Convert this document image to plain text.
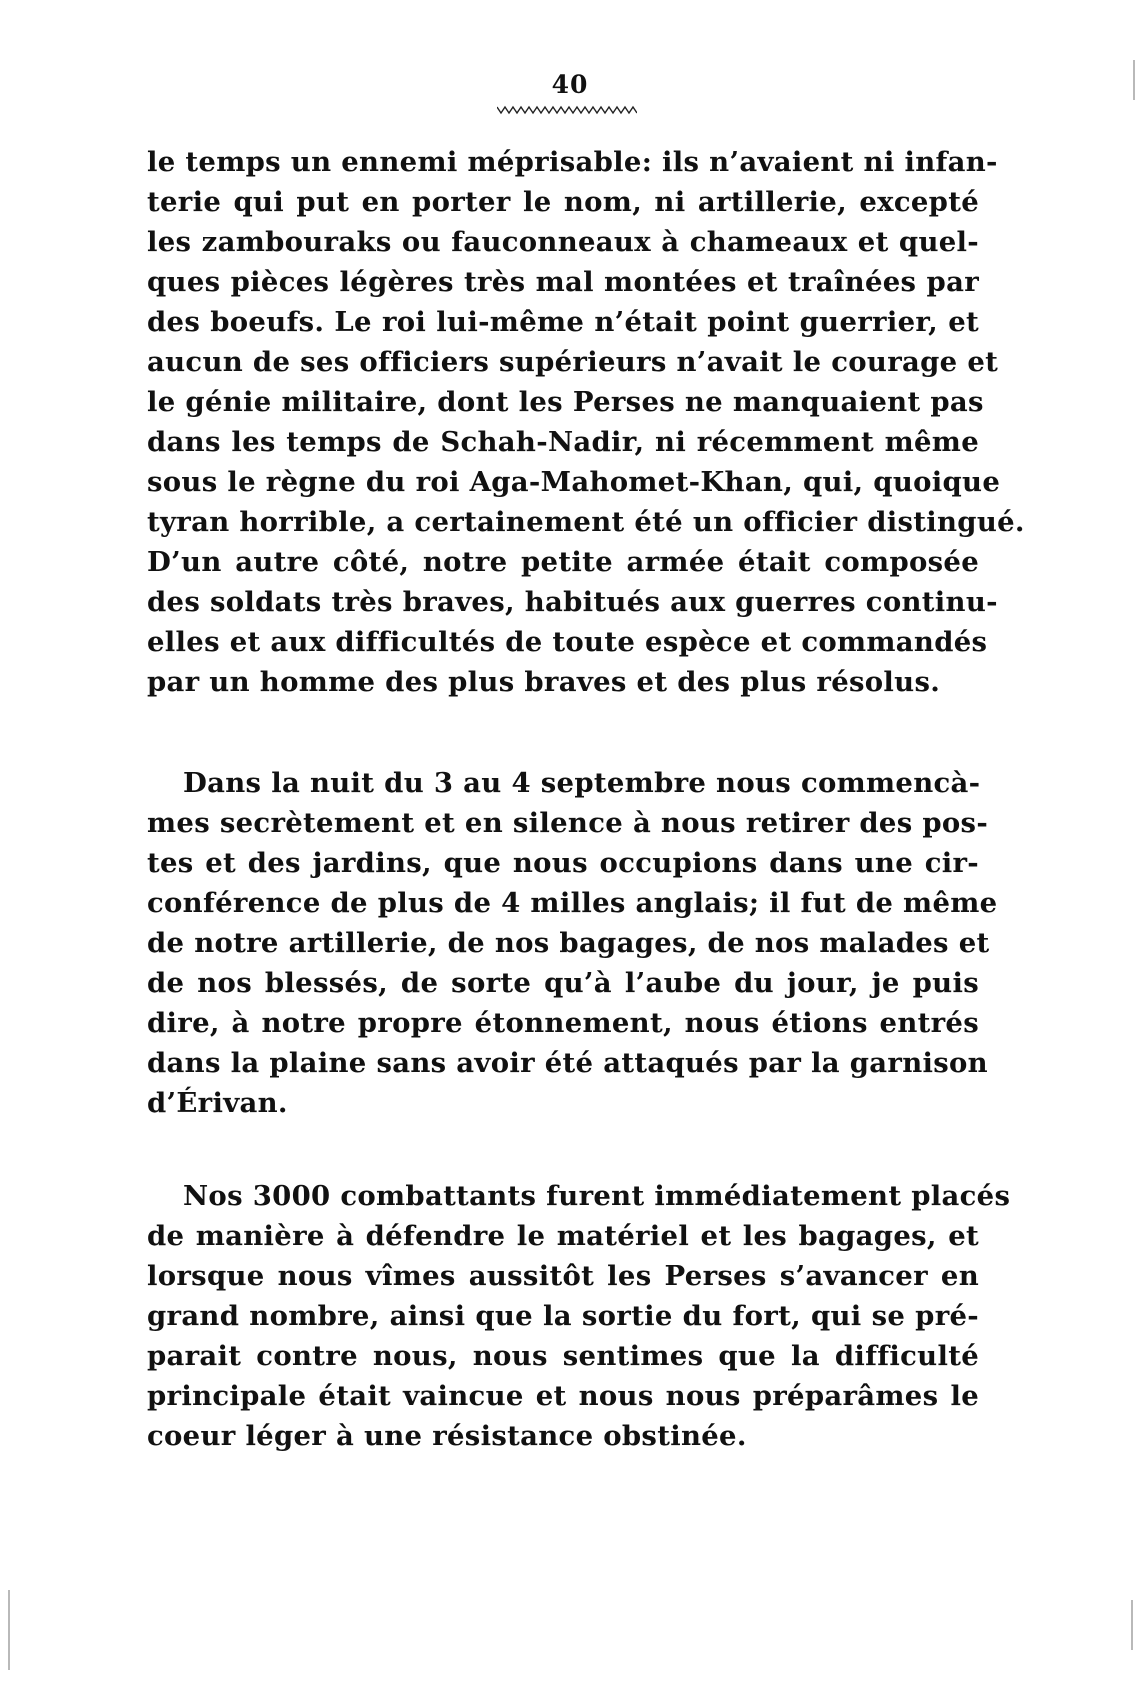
40
le temps un ennemi méprisable: ils n’avaient ni infan-
terie qui put en porter le nom, ni artillerie, excepté
les zambouraks ou fauconneaux à chameaux et quel-
ques pièces légères très mal montées et traînées par
des boeufs. Le roi lui-même n’était point guerrier, et
aucun de ses officiers supérieurs n’avait le courage et
le génie militaire, dont les Perses ne manquaient pas
dans les temps de Schah-Nadir, ni récemment même
sous le règne du roi Aga-Mahomet-Khan, qui, quoique
tyran horrible, a certainement été un officier distingué.
D’un autre côté, notre petite armée était composée
des soldats très braves, habitués aux guerres continu-
elles et aux difficultés de toute espèce et commandés
par un homme des plus braves et des plus résolus.
Dans la nuit du 3 au 4 septembre nous commencà-
mes secrètement et en silence à nous retirer des pos-
tes et des jardins, que nous occupions dans une cir-
conférence de plus de 4 milles anglais; il fut de même
de notre artillerie, de nos bagages, de nos malades et
de nos blessés, de sorte qu’à l’aube du jour, je puis
dire, à notre propre étonnement, nous étions entrés
dans la plaine sans avoir été attaqués par la garnison
d’Érivan.
Nos 3000 combattants furent immédiatement placés
de manière à défendre le matériel et les bagages, et
lorsque nous vîmes aussitôt les Perses s’avancer en
grand nombre, ainsi que la sortie du fort, qui se pré-
parait contre nous, nous sentimes que la difficulté
principale était vaincue et nous nous préparâmes le
coeur léger à une résistance obstinée.
